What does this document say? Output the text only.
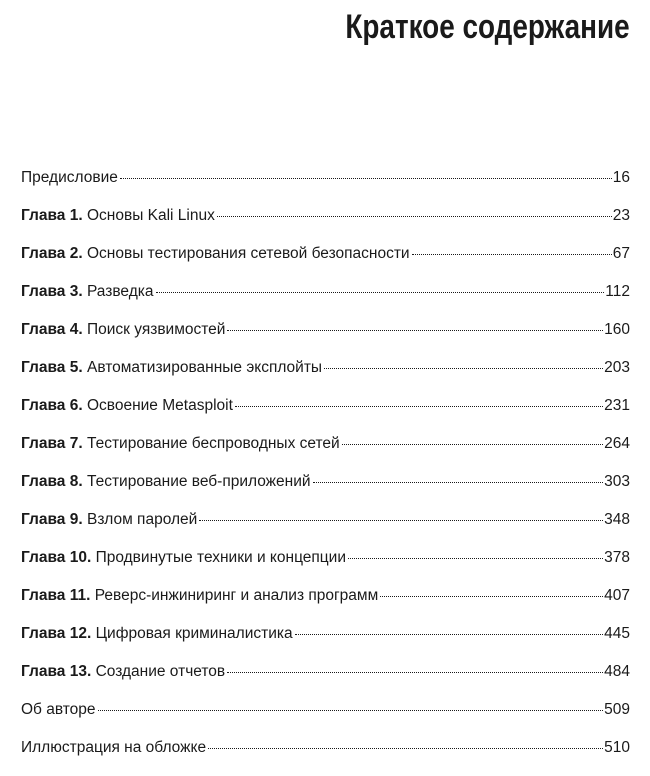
Краткое содержание
Предисловие	16
Глава 1. Основы Kali Linux	23
Глава 2. Основы тестирования сетевой безопасности	67
Глава 3. Разведка	112
Глава 4. Поиск уязвимостей	160
Глава 5. Автоматизированные эксплойты	203
Глава 6. Освоение Metasploit	231
Глава 7. Тестирование беспроводных сетей	264
Глава 8. Тестирование веб-приложений	303
Глава 9. Взлом паролей	348
Глава 10. Продвинутые техники и концепции	378
Глава 11. Реверс-инжиниринг и анализ программ	407
Глава 12. Цифровая криминалистика	445
Глава 13. Создание отчетов	484
Об авторе	509
Иллюстрация на обложке	510
